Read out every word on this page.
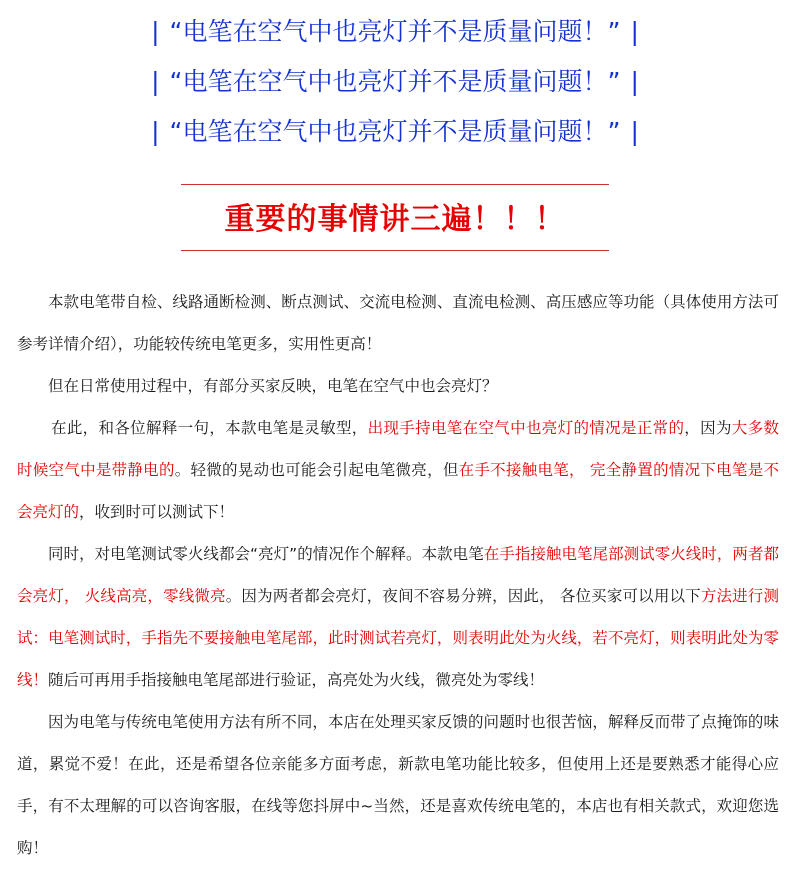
| “电笔在空气中也亮灯并不是质量问题！” |
| “电笔在空气中也亮灯并不是质量问题！” |
| “电笔在空气中也亮灯并不是质量问题！” |
重要的事情讲三遍！！！

本款电笔带自检、线路通断检测、断点测试、交流电检测、直流电检测、高压感应等功能（具体使用方法可参考详情介绍），功能较传统电笔更多，实用性更高！

但在日常使用过程中，有部分买家反映，电笔在空气中也会亮灯？

在此，和各位解释一句，本款电笔是灵敏型，出现手持电笔在空气中也亮灯的情况是正常的，因为大多数时候空气中是带静电的。轻微的晃动也可能会引起电笔微亮，但在手不接触电笔， 完全静置的情况下电笔是不会亮灯的，收到时可以测试下！

同时，对电笔测试零火线都会“亮灯”的情况作个解释。本款电笔在手指接触电笔尾部测试零火线时，两者都会亮灯， 火线高亮，零线微亮。因为两者都会亮灯，夜间不容易分辨，因此， 各位买家可以用以下方法进行测试：电笔测试时，手指先不要接触电笔尾部，此时测试若亮灯，则表明此处为火线，若不亮灯，则表明此处为零线！随后可再用手指接触电笔尾部进行验证，高亮处为火线，微亮处为零线！

因为电笔与传统电笔使用方法有所不同，本店在处理买家反馈的问题时也很苦恼，解释反而带了点掩饰的味道，累觉不爱！在此，还是希望各位亲能多方面考虑，新款电笔功能比较多，但使用上还是要熟悉才能得心应手，有不太理解的可以咨询客服，在线等您抖屏中~当然，还是喜欢传统电笔的，本店也有相关款式，欢迎您选购！
